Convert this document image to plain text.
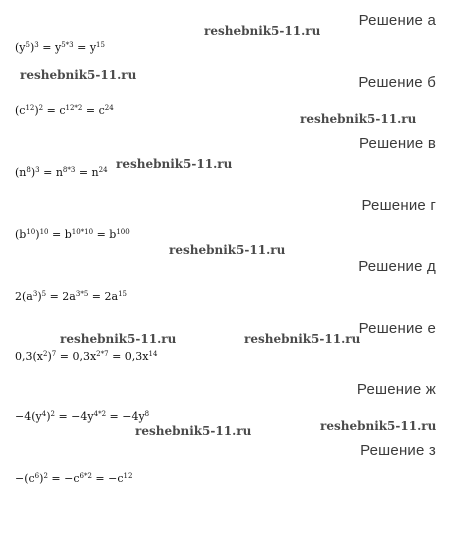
Решение а
Решение б
Решение в
Решение г
Решение д
Решение е
Решение ж
Решение з
$(y^5)^3 = y^{5*3} = y^{15}$
$(c^{12})^2 = c^{12*2} = c^{24}$
$(n^8)^3 = n^{8*3} = n^{24}$
$(b^{10})^{10} = b^{10*10} = b^{100}$
$2(a^3)^5 = 2a^{3*5} = 2a^{15}$
$0,3(x^2)^7 = 0,3x^{2*7} = 0,3x^{14}$
$-4(y^4)^2 = -4y^{4*2} = -4y^8$
$-(c^6)^2 = -c^{6*2} = -c^{12}$
reshebnik5-11.ru
reshebnik5-11.ru
reshebnik5-11.ru
reshebnik5-11.ru
reshebnik5-11.ru
reshebnik5-11.ru	reshebnik5-11.ru
reshebnik5-11.ru	reshebnik5-11.ru
